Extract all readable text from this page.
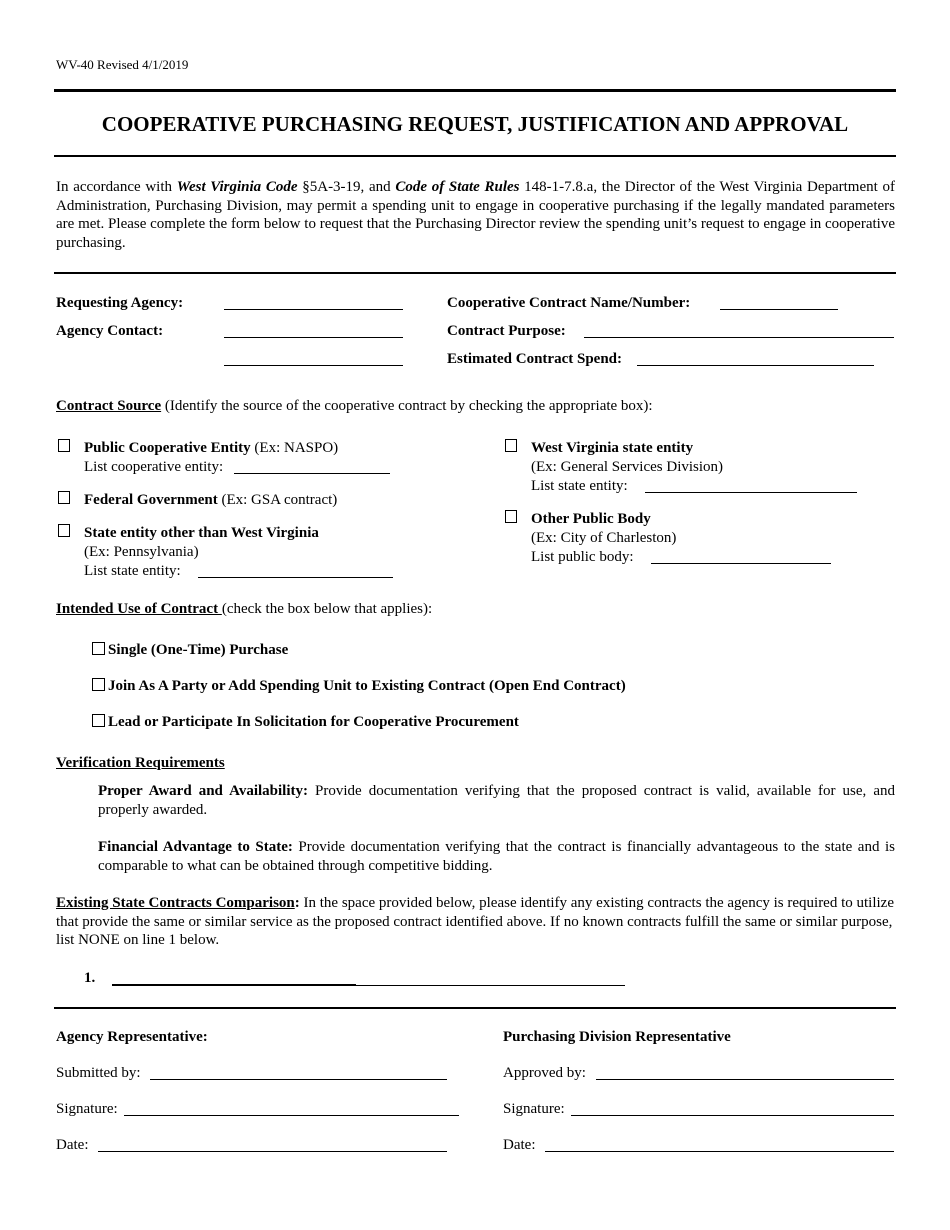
WV-40 Revised 4/1/2019
COOPERATIVE PURCHASING REQUEST, JUSTIFICATION AND APPROVAL
In accordance with West Virginia Code §5A-3-19, and Code of State Rules 148-1-7.8.a, the Director of the West Virginia Department of Administration, Purchasing Division, may permit a spending unit to engage in cooperative purchasing if the legally mandated parameters are met. Please complete the form below to request that the Purchasing Director review the spending unit’s request to engage in cooperative purchasing.
Requesting Agency:
Agency Contact:
Cooperative Contract Name/Number:
Contract Purpose:
Estimated Contract Spend:
Contract Source (Identify the source of the cooperative contract by checking the appropriate box):
Public Cooperative Entity (Ex: NASPO)
List cooperative entity:
Federal Government (Ex: GSA contract)
State entity other than West Virginia
(Ex: Pennsylvania)
List state entity:
West Virginia state entity
(Ex: General Services Division)
List state entity:
Other Public Body
(Ex: City of Charleston)
List public body:
Intended Use of Contract (check the box below that applies):
Single (One-Time) Purchase
Join As A Party or Add Spending Unit to Existing Contract (Open End Contract)
Lead or Participate In Solicitation for Cooperative Procurement
Verification Requirements
Proper Award and Availability: Provide documentation verifying that the proposed contract is valid, available for use, and properly awarded.
Financial Advantage to State: Provide documentation verifying that the contract is financially advantageous to the state and is comparable to what can be obtained through competitive bidding.
Existing State Contracts Comparison: In the space provided below, please identify any existing contracts the agency is required to utilize that provide the same or similar service as the proposed contract identified above. If no known contracts fulfill the same or similar purpose, list NONE on line 1 below.
1.
Agency Representative:	Purchasing Division Representative
Submitted by:
Signature:
Date:
Approved by:
Signature:
Date:
